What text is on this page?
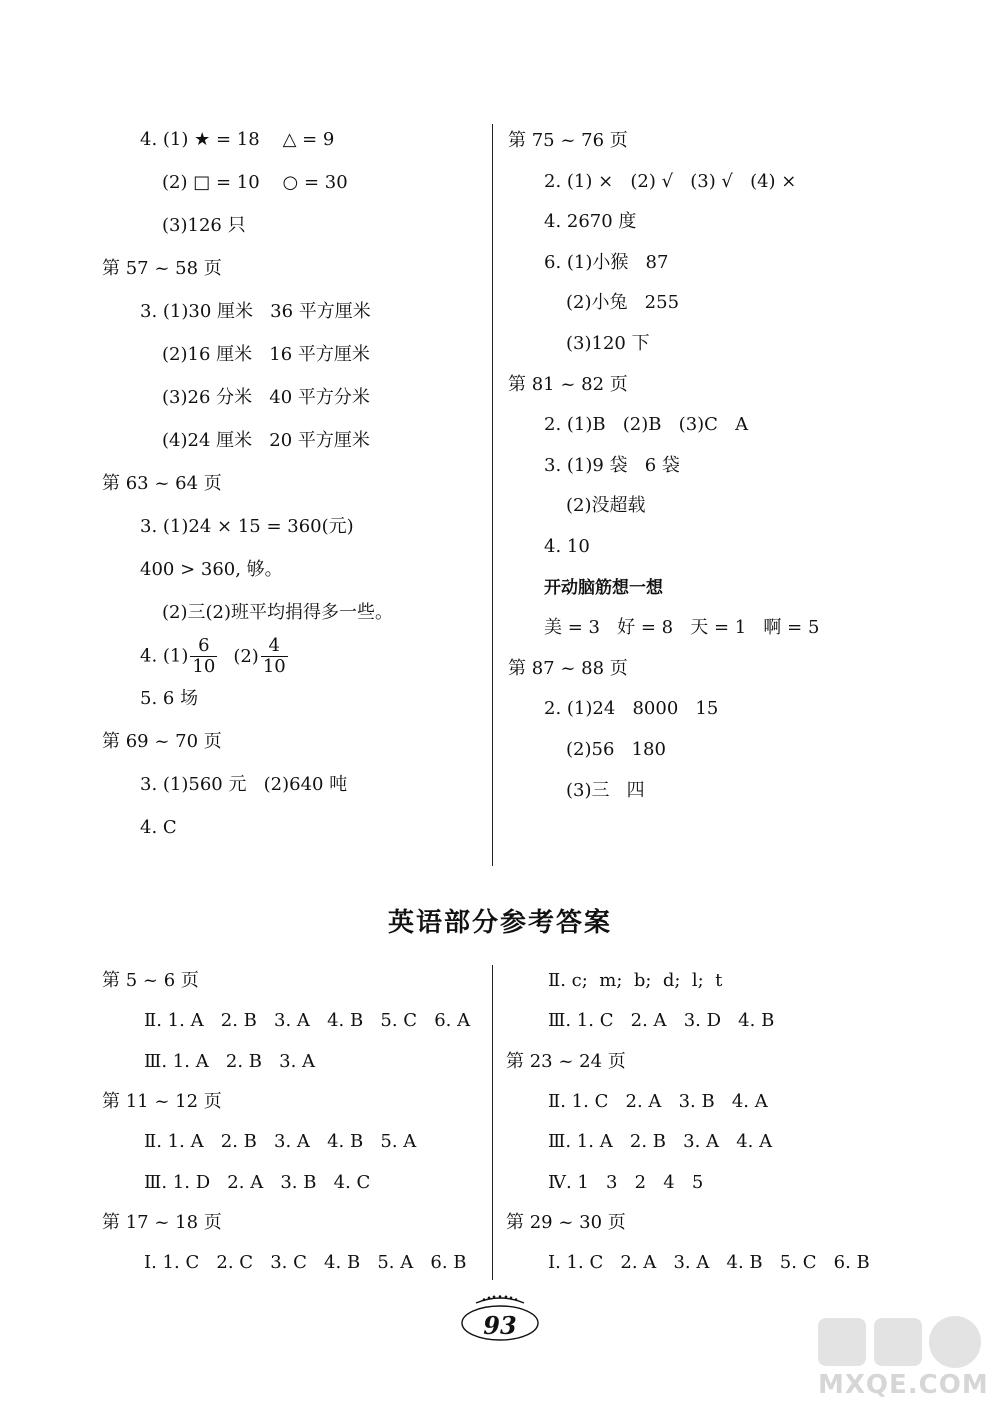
4. (1) ★ = 18    △ = 9
(2) □ = 10    ○ = 30
(3)126 只
第 57 ~ 58 页
3. (1)30 厘米   36 平方厘米
(2)16 厘米   16 平方厘米
(3)26 分米   40 平方分米
(4)24 厘米   20 平方厘米
第 63 ~ 64 页
3. (1)24 × 15 = 360(元)
400 > 360, 够。
(2)三(2)班平均捐得多一些。
4. $(1) \frac{6}{10} (2) \frac{4}{10}$
5. 6 场
第 69 ~ 70 页
3. (1)560 元   (2)640 吨
4. C
第 75 ~ 76 页
2. (1) ×   (2) √   (3) √   (4) ×
4. 2670 度
6. (1)小猴   87
(2)小兔   255
(3)120 下
第 81 ~ 82 页
2. (1)B   (2)B   (3)C   A
3. (1)9 袋   6 袋
(2)没超载
4. 10
开动脑筋想一想
美 = 3   好 = 8   天 = 1   啊 = 5
第 87 ~ 88 页
2. (1)24   8000   15
(2)56   180
(3)三   四
英语部分参考答案
第 5 ~ 6 页
Ⅱ. 1. A   2. B   3. A   4. B   5. C   6. A
Ⅲ. 1. A   2. B   3. A
第 11 ~ 12 页
Ⅱ. 1. A   2. B   3. A   4. B   5. A
Ⅲ. 1. D   2. A   3. B   4. C
第 17 ~ 18 页
Ⅰ. 1. C   2. C   3. C   4. B   5. A   6. B
Ⅱ. c;  m;  b;  d;  l;  t
Ⅲ. 1. C   2. A   3. D   4. B
第 23 ~ 24 页
Ⅱ. 1. C   2. A   3. B   4. A
Ⅲ. 1. A   2. B   3. A   4. A
Ⅳ. 1   3   2   4   5
第 29 ~ 30 页
Ⅰ. 1. C   2. A   3. A   4. B   5. C   6. B
93
MXQE.COM
